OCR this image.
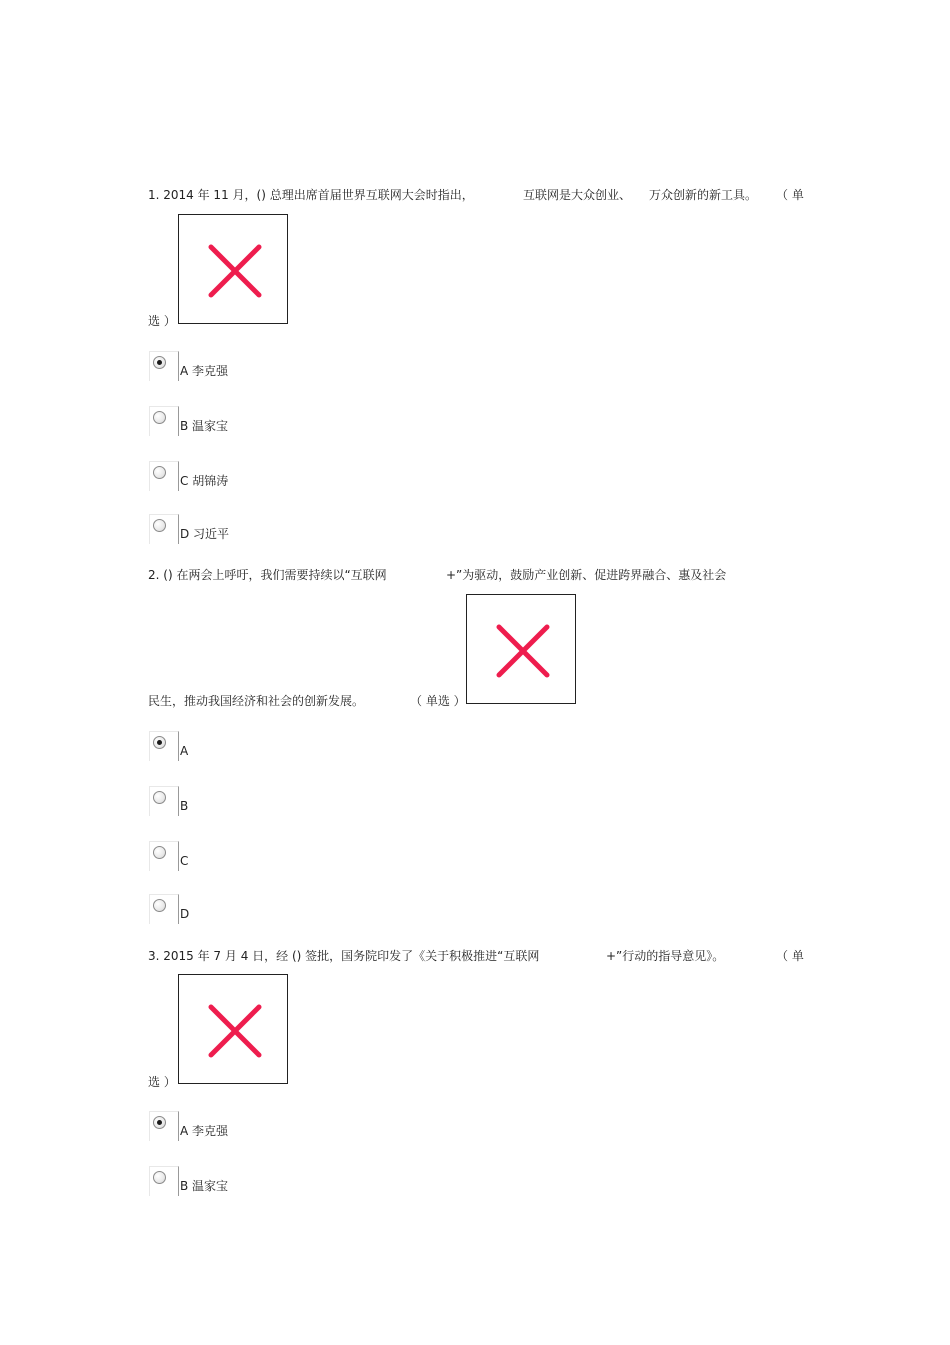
1. 2014 年 11 月，() 总理出席首届世界互联网大会时指出，	互联网是大众创业、 万众创新的新工具。 （ 单
选 ）
A 李克强
B 温家宝
C 胡锦涛
D 习近平
2. () 在两会上呼吁，我们需要持续以“互联网	+”为驱动，鼓励产业创新、促进跨界融合、惠及社会
民生，推动我国经济和社会的创新发展。	（ 单选 ）
A
B
C
D
3. 2015 年 7 月 4 日，经 () 签批，国务院印发了《关于积极推进“互联网	+”行动的指导意见》。	（ 单
选 ）
A 李克强
B 温家宝
